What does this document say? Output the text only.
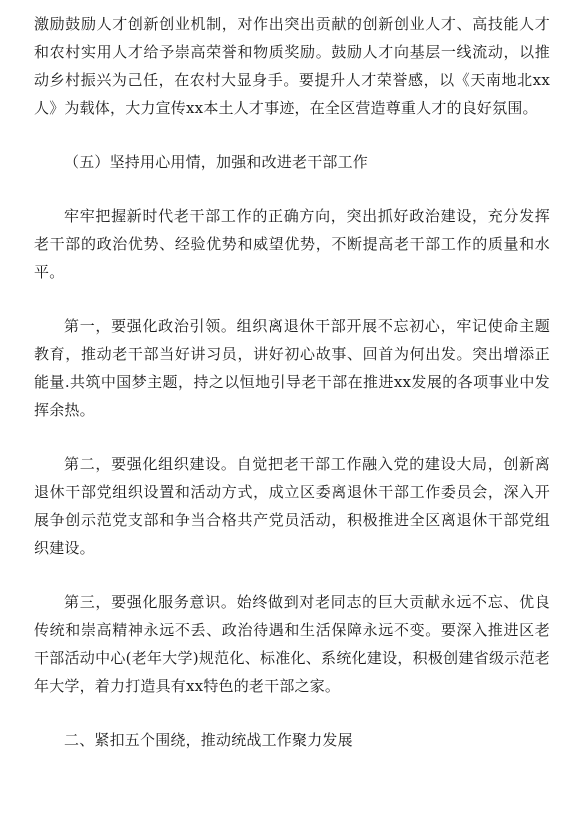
激励鼓励人才创新创业机制，对作出突出贡献的创新创业人才、高技能人才和农村实用人才给予崇高荣誉和物质奖励。鼓励人才向基层一线流动，以推动乡村振兴为己任，在农村大显身手。要提升人才荣誉感，以《天南地北xx人》为载体，大力宣传xx本土人才事迹，在全区营造尊重人才的良好氛围。

（五）坚持用心用情，加强和改进老干部工作

牢牢把握新时代老干部工作的正确方向，突出抓好政治建设，充分发挥老干部的政治优势、经验优势和威望优势，不断提高老干部工作的质量和水平。

第一，要强化政治引领。组织离退休干部开展不忘初心，牢记使命主题教育，推动老干部当好讲习员，讲好初心故事、回首为何出发。突出增添正能量.共筑中国梦主题，持之以恒地引导老干部在推进xx发展的各项事业中发挥余热。

第二，要强化组织建设。自觉把老干部工作融入党的建设大局，创新离退休干部党组织设置和活动方式，成立区委离退休干部工作委员会，深入开展争创示范党支部和争当合格共产党员活动，积极推进全区离退休干部党组织建设。

第三，要强化服务意识。始终做到对老同志的巨大贡献永远不忘、优良传统和崇高精神永远不丢、政治待遇和生活保障永远不变。要深入推进区老干部活动中心(老年大学)规范化、标准化、系统化建设，积极创建省级示范老年大学，着力打造具有xx特色的老干部之家。

二、紧扣五个围绕，推动统战工作聚力发展
